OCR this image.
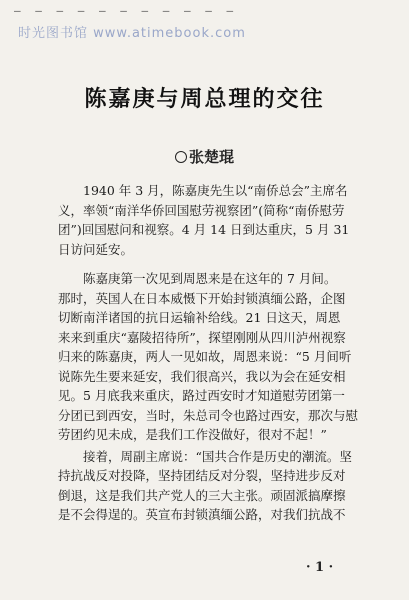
— — — — — — — — — — —
时光图书馆 www.atimebook.com
陈嘉庚与周总理的交往
张楚琨

1940 年 3 月，陈嘉庚先生以“南侨总会”主席名
义，率领“南洋华侨回国慰劳视察团”(简称“南侨慰劳
团”)回国慰问和视察。4 月 14 日到达重庆，5 月 31
日访问延安。

陈嘉庚第一次见到周恩来是在这年的 7 月间。
那时，英国人在日本威慑下开始封锁滇缅公路，企图
切断南洋诸国的抗日运输补给线。21 日这天，周恩
来来到重庆“嘉陵招待所”，探望刚刚从四川泸州视察
归来的陈嘉庚，两人一见如故，周恩来说：“5 月间听
说陈先生要来延安，我们很高兴，我以为会在延安相
见。5 月底我来重庆，路过西安时才知道慰劳团第一
分团已到西安，当时，朱总司令也路过西安，那次与慰
劳团约见未成，是我们工作没做好，很对不起！”

接着，周副主席说：“国共合作是历史的潮流。坚
持抗战反对投降，坚持团结反对分裂，坚持进步反对
倒退，这是我们共产党人的三大主张。顽固派搞摩擦
是不会得逞的。英宣布封锁滇缅公路，对我们抗战不

· 1 ·
